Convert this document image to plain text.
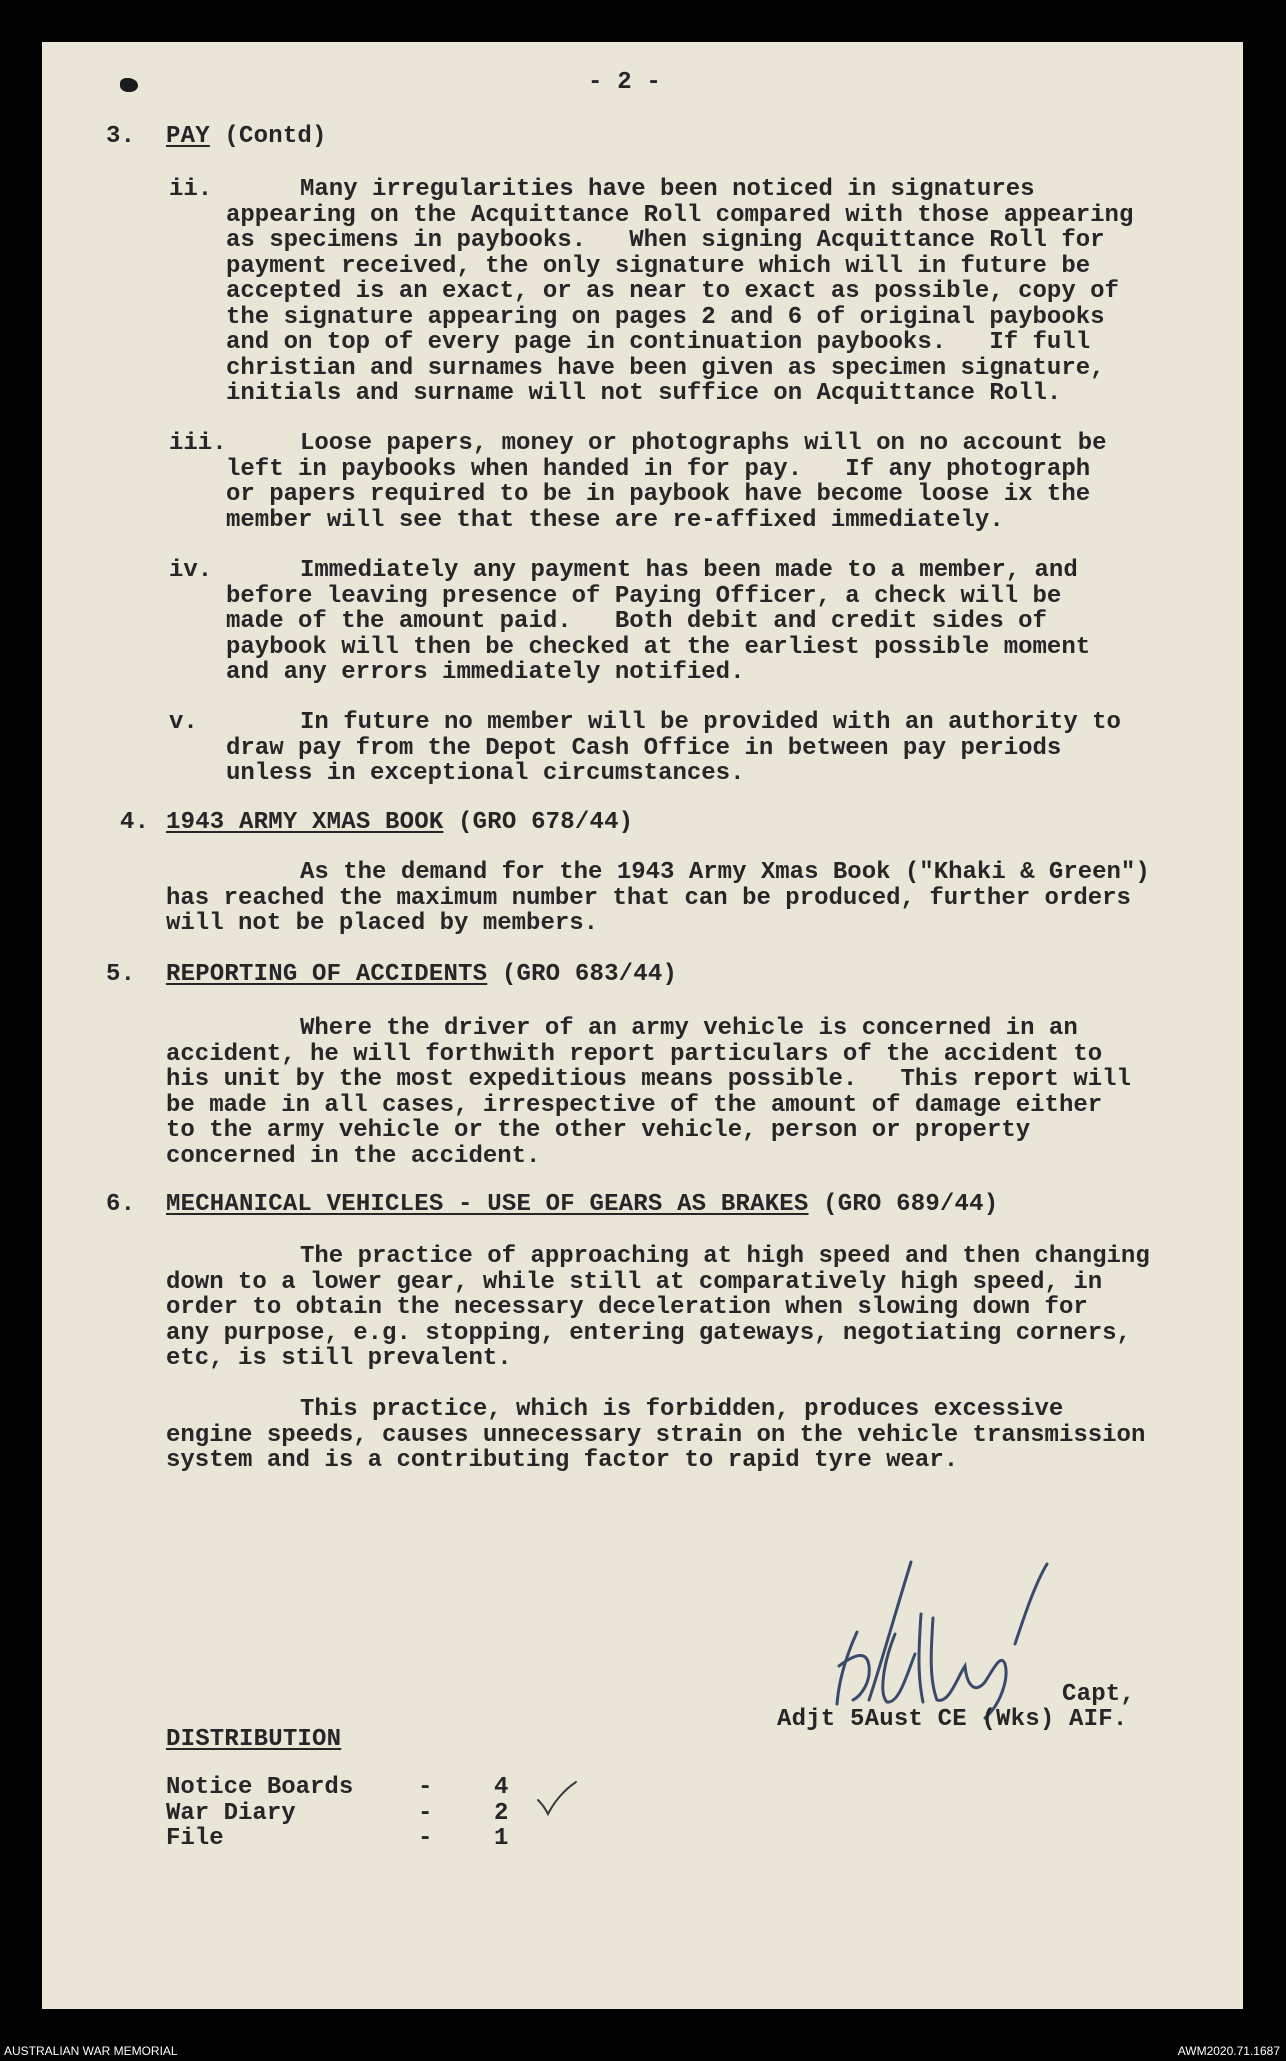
- 2 -
3. PAY (Contd)
ii.	Many irregularities have been noticed in signatures
appearing on the Acquittance Roll compared with those appearing
as specimens in paybooks.   When signing Acquittance Roll for
payment received, the only signature which will in future be
accepted is an exact, or as near to exact as possible, copy of
the signature appearing on pages 2 and 6 of original paybooks
and on top of every page in continuation paybooks.   If full
christian and surnames have been given as specimen signature,
initials and surname will not suffice on Acquittance Roll.
iii.	Loose papers, money or photographs will on no account be
left in paybooks when handed in for pay.   If any photograph
or papers required to be in paybook have become loose ix the
member will see that these are re-affixed immediately.
iv.	Immediately any payment has been made to a member, and
before leaving presence of Paying Officer, a check will be
made of the amount paid.   Both debit and credit sides of
paybook will then be checked at the earliest possible moment
and any errors immediately notified.
v.	In future no member will be provided with an authority to
draw pay from the Depot Cash Office in between pay periods
unless in exceptional circumstances.
4. 1943 ARMY XMAS BOOK (GRO 678/44)
As the demand for the 1943 Army Xmas Book ("Khaki & Green")
has reached the maximum number that can be produced, further orders
will not be placed by members.
5. REPORTING OF ACCIDENTS (GRO 683/44)
Where the driver of an army vehicle is concerned in an
accident, he will forthwith report particulars of the accident to
his unit by the most expeditious means possible.   This report will
be made in all cases, irrespective of the amount of damage either
to the army vehicle or the other vehicle, person or property
concerned in the accident.
6. MECHANICAL VEHICLES - USE OF GEARS AS BRAKES (GRO 689/44)
The practice of approaching at high speed and then changing
down to a lower gear, while still at comparatively high speed, in
order to obtain the necessary deceleration when slowing down for
any purpose, e.g. stopping, entering gateways, negotiating corners,
etc, is still prevalent.
This practice, which is forbidden, produces excessive
engine speeds, causes unnecessary strain on the vehicle transmission
system and is a contributing factor to rapid tyre wear.
Capt,
Adjt 5Aust CE (Wks) AIF.
DISTRIBUTION
Notice Boards	-	4
War Diary	-	2
File	-	1
AUSTRALIAN WAR MEMORIAL	AWM2020.71.1687
